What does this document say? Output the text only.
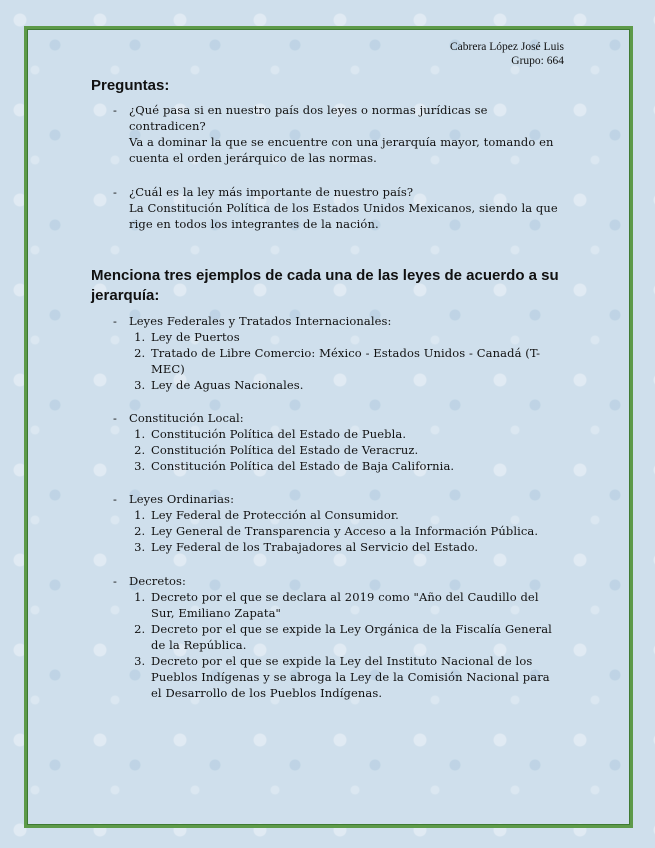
Cabrera López José Luis
Grupo: 664
Preguntas:
- ¿Qué pasa si en nuestro país dos leyes o normas jurídicas se contradicen?
Va a dominar la que se encuentre con una jerarquía mayor, tomando en cuenta el orden jerárquico de las normas.
- ¿Cuál es la ley más importante de nuestro país?
La Constitución Política de los Estados Unidos Mexicanos, siendo la que rige en todos los integrantes de la nación.
Menciona tres ejemplos de cada una de las leyes de acuerdo a su jerarquía:
- Leyes Federales y Tratados Internacionales:
1. Ley de Puertos
2. Tratado de Libre Comercio: México - Estados Unidos - Canadá (T-MEC)
3. Ley de Aguas Nacionales.
- Constitución Local:
1. Constitución Política del Estado de Puebla.
2. Constitución Política del Estado de Veracruz.
3. Constitución Política del Estado de Baja California.
- Leyes Ordinarias:
1. Ley Federal de Protección al Consumidor.
2. Ley General de Transparencia y Acceso a la Información Pública.
3. Ley Federal de los Trabajadores al Servicio del Estado.
- Decretos:
1. Decreto por el que se declara al 2019 como "Año del Caudillo del Sur, Emiliano Zapata"
2. Decreto por el que se expide la Ley Orgánica de la Fiscalía General de la República.
3. Decreto por el que se expide la Ley del Instituto Nacional de los Pueblos Indígenas y se abroga la Ley de la Comisión Nacional para el Desarrollo de los Pueblos Indígenas.
